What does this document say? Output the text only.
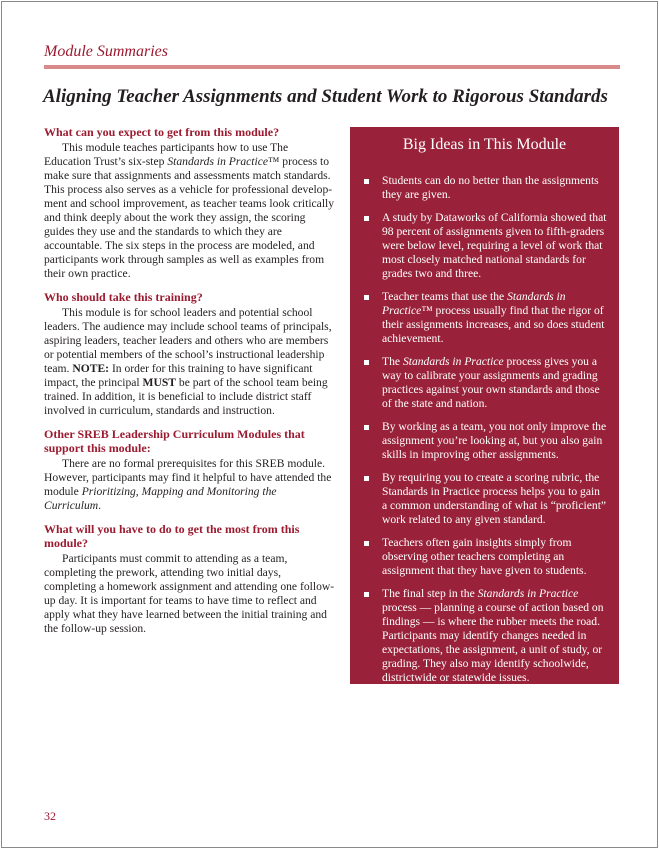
Module Summaries
Aligning Teacher Assignments and Student Work to Rigorous Standards
What can you expect to get from this module?

This module teaches participants how to use The Education Trust’s six-step Standards in Practice™ process to make sure that assignments and assessments match standards. This process also serves as a vehicle for professional develop-ment and school improvement, as teacher teams look critically and think deeply about the work they assign, the scoring guides they use and the standards to which they are accountable. The six steps in the process are modeled, and participants work through samples as well as examples from their own practice.

Who should take this training?

This module is for school leaders and potential school leaders. The audience may include school teams of principals, aspiring leaders, teacher leaders and others who are members or potential members of the school’s instructional leadership team. NOTE: In order for this training to have significant impact, the principal MUST be part of the school team being trained. In addition, it is beneficial to include district staff involved in curriculum, standards and instruction.

Other SREB Leadership Curriculum Modules that support this module:

There are no formal prerequisites for this SREB module. However, participants may find it helpful to have attended the module Prioritizing, Mapping and Monitoring the Curriculum.

What will you have to do to get the most from this module?

Participants must commit to attending as a team, completing the prework, attending two initial days, completing a homework assignment and attending one follow-up day. It is important for teams to have time to reflect and apply what they have learned between the initial training and the follow-up session.

Big Ideas in This Module
Students can do no better than the assignments they are given.
A study by Dataworks of California showed that 98 percent of assignments given to fifth-graders were below level, requiring a level of work that most closely matched national standards for grades two and three.
Teacher teams that use the Standards in Practice™ process usually find that the rigor of their assignments increases, and so does student achievement.
The Standards in Practice process gives you a way to calibrate your assignments and grading practices against your own standards and those of the state and nation.
By working as a team, you not only improve the assignment you’re looking at, but you also gain skills in improving other assignments.
By requiring you to create a scoring rubric, the Standards in Practice process helps you to gain a common understanding of what is “proficient” work related to any given standard.
Teachers often gain insights simply from observing other teachers completing an assignment that they have given to students.
The final step in the Standards in Practice process — planning a course of action based on findings — is where the rubber meets the road. Participants may identify changes needed in expectations, the assignment, a unit of study, or grading. They also may identify schoolwide, districtwide or statewide issues.
32
